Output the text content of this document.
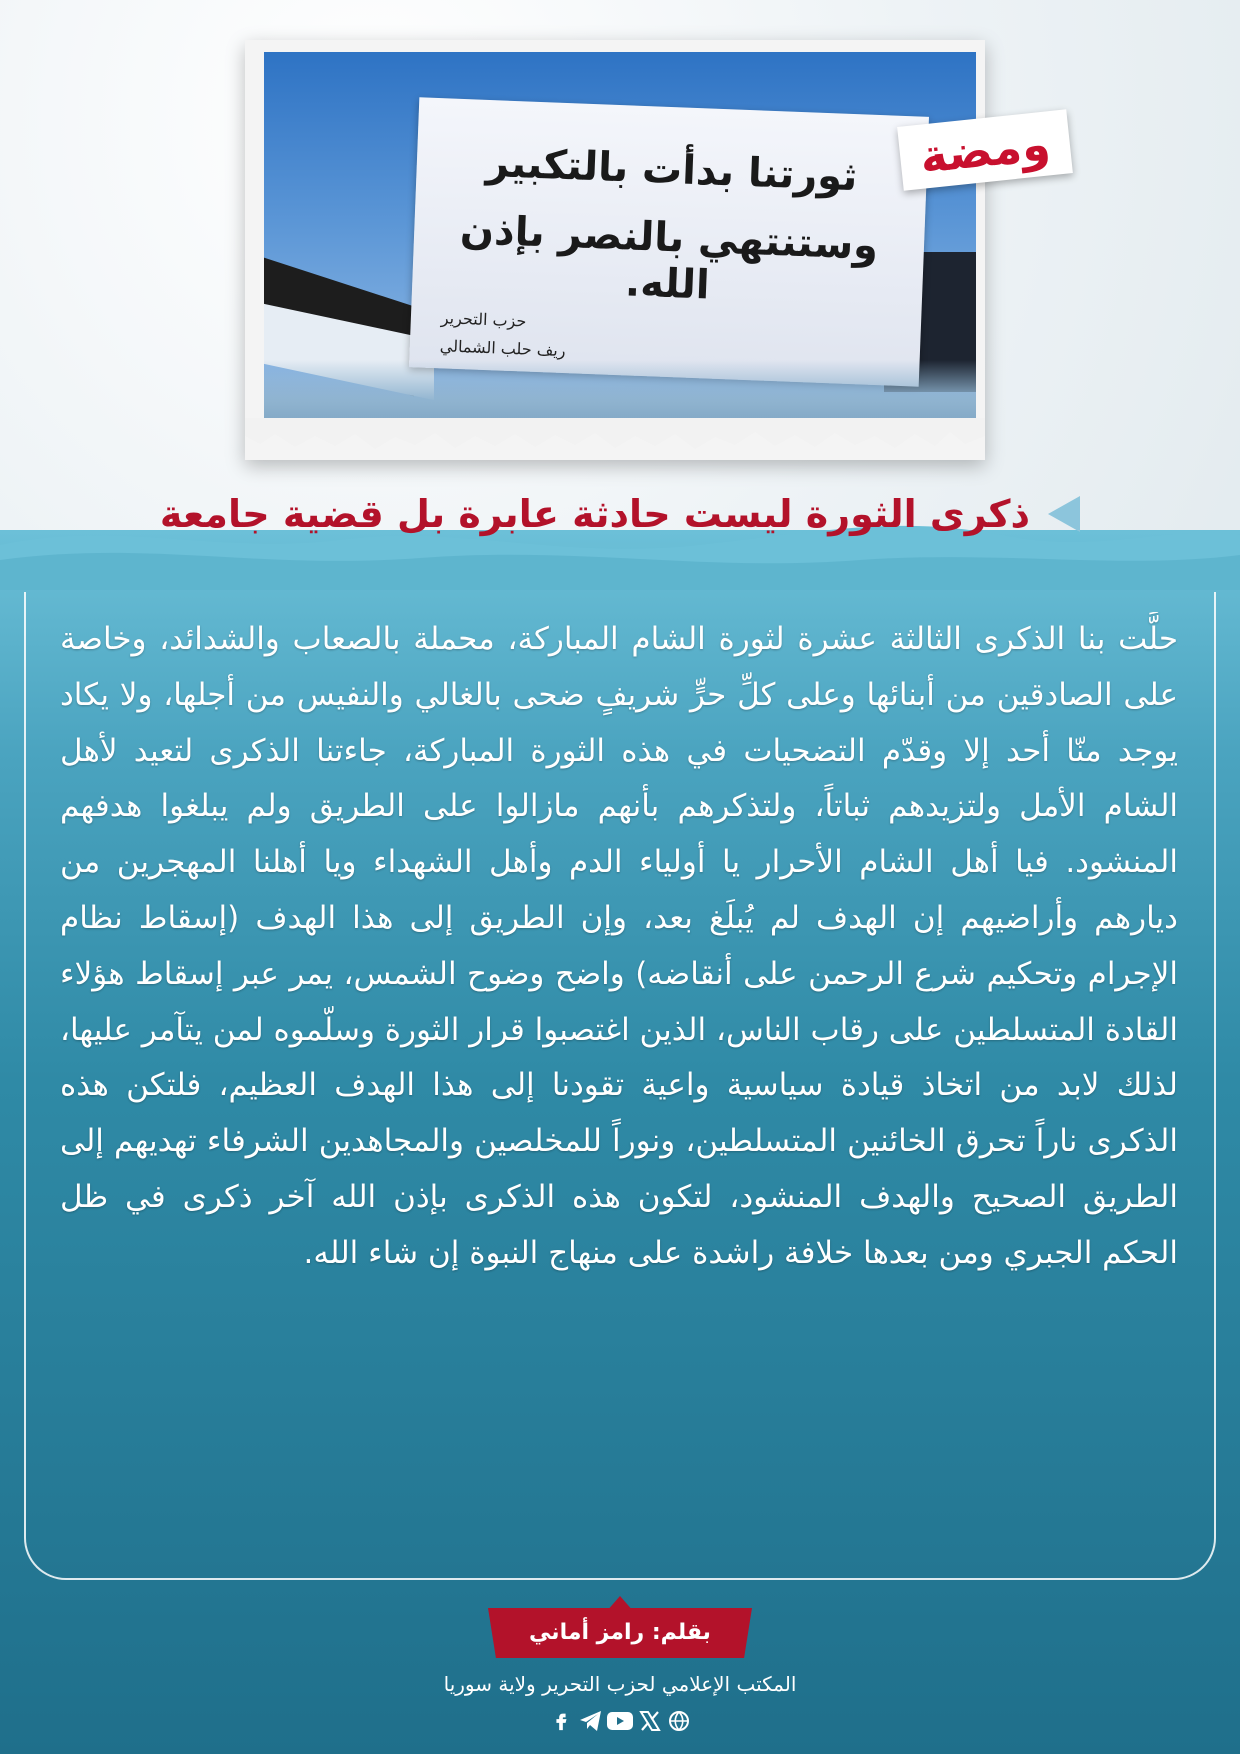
ثورتنا بدأت بالتكبير
وستنتهي بالنصر بإذن الله.
حزب التحرير
ريف حلب الشمالي
ومضة
ذكرى الثورة ليست حادثة عابرة بل قضية جامعة
حلَّت بنا الذكرى الثالثة عشرة لثورة الشام المباركة، محملة بالصعاب والشدائد، وخاصة على الصادقين من أبنائها وعلى كلِّ حرٍّ شريفٍ ضحى بالغالي والنفيس من أجلها، ولا يكاد يوجد منّا أحد إلا وقدّم التضحيات في هذه الثورة المباركة، جاءتنا الذكرى لتعيد لأهل الشام الأمل ولتزيدهم ثباتاً، ولتذكرهم بأنهم مازالوا على الطريق ولم يبلغوا هدفهم المنشود. فيا أهل الشام الأحرار يا أولياء الدم وأهل الشهداء ويا أهلنا المهجرين من ديارهم وأراضيهم إن الهدف لم يُبلَغ بعد، وإن الطريق إلى هذا الهدف (إسقاط نظام الإجرام وتحكيم شرع الرحمن على أنقاضه) واضح وضوح الشمس، يمر عبر إسقاط هؤلاء القادة المتسلطين على رقاب الناس، الذين اغتصبوا قرار الثورة وسلّموه لمن يتآمر عليها، لذلك لابد من اتخاذ قيادة سياسية واعية تقودنا إلى هذا الهدف العظيم، فلتكن هذه الذكرى ناراً تحرق الخائنين المتسلطين، ونوراً للمخلصين والمجاهدين الشرفاء تهديهم إلى الطريق الصحيح والهدف المنشود، لتكون هذه الذكرى بإذن الله آخر ذكرى في ظل الحكم الجبري ومن بعدها خلافة راشدة على منهاج النبوة إن شاء الله.
بقلم: رامز أماني
المكتب الإعلامي لحزب التحرير ولاية سوريا
